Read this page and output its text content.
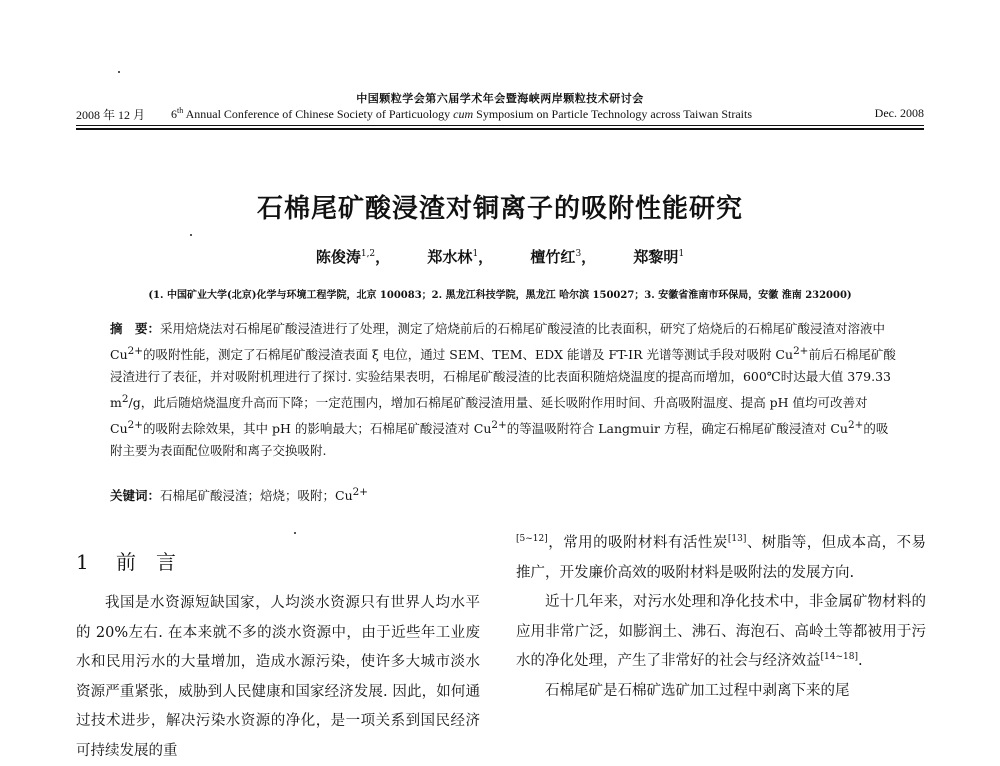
中国颗粒学会第六届学术年会暨海峡两岸颗粒技术研讨会
2008 年 12 月 6th Annual Conference of Chinese Society of Particuology cum Symposium on Particle Technology across Taiwan Straits	Dec. 2008
石棉尾矿酸浸渣对铜离子的吸附性能研究
陈俊涛$^{1,2}$， 郑水林$^1$， 檀竹红$^3$， 郑黎明$^1$
(1. 中国矿业大学(北京)化学与环境工程学院，北京 100083；2. 黑龙江科技学院，黑龙江 哈尔滨 150027；3. 安徽省淮南市环保局，安徽 淮南 232000)
摘　要：采用焙烧法对石棉尾矿酸浸渣进行了处理，测定了焙烧前后的石棉尾矿酸浸渣的比表面积，研究了焙烧后的石棉尾矿酸浸渣对溶液中 $Cu^{2+}$的吸附性能，测定了石棉尾矿酸浸渣表面 ξ 电位，通过 SEM、TEM、EDX 能谱及 FT-IR 光谱等测试手段对吸附 $Cu^{2+}$前后石棉尾矿酸浸渣进行了表征，并对吸附机理进行了探讨. 实验结果表明，石棉尾矿酸浸渣的比表面积随焙烧温度的提高而增加，600℃时达最大值 379.33 $m^2/g$，此后随焙烧温度升高而下降；一定范围内，增加石棉尾矿酸浸渣用量、延长吸附作用时间、升高吸附温度、提高 pH 值均可改善对 $Cu^{2+}$的吸附去除效果，其中 pH 的影响最大；石棉尾矿酸浸渣对 $Cu^{2+}$的等温吸附符合 Langmuir 方程，确定石棉尾矿酸浸渣对 $Cu^{2+}$的吸附主要为表面配位吸附和离子交换吸附.
关键词：石棉尾矿酸浸渣；焙烧；吸附；$Cu^{2+}$
1 前　言

我国是水资源短缺国家，人均淡水资源只有世界人均水平的 20%左右. 在本来就不多的淡水资源中，由于近些年工业废水和民用污水的大量增加，造成水源污染，使许多大城市淡水资源严重紧张，威胁到人民健康和国家经济发展. 因此，如何通过技术进步，解决污染水资源的净化，是一项关系到国民经济可持续发展的重

[5~12]，常用的吸附材料有活性炭[13]、树脂等，但成本高，不易推广，开发廉价高效的吸附材料是吸附法的发展方向.

近十几年来，对污水处理和净化技术中，非金属矿物材料的应用非常广泛，如膨润土、沸石、海泡石、高岭土等都被用于污水的净化处理，产生了非常好的社会与经济效益[14~18].

石棉尾矿是石棉矿选矿加工过程中剥离下来的尾
